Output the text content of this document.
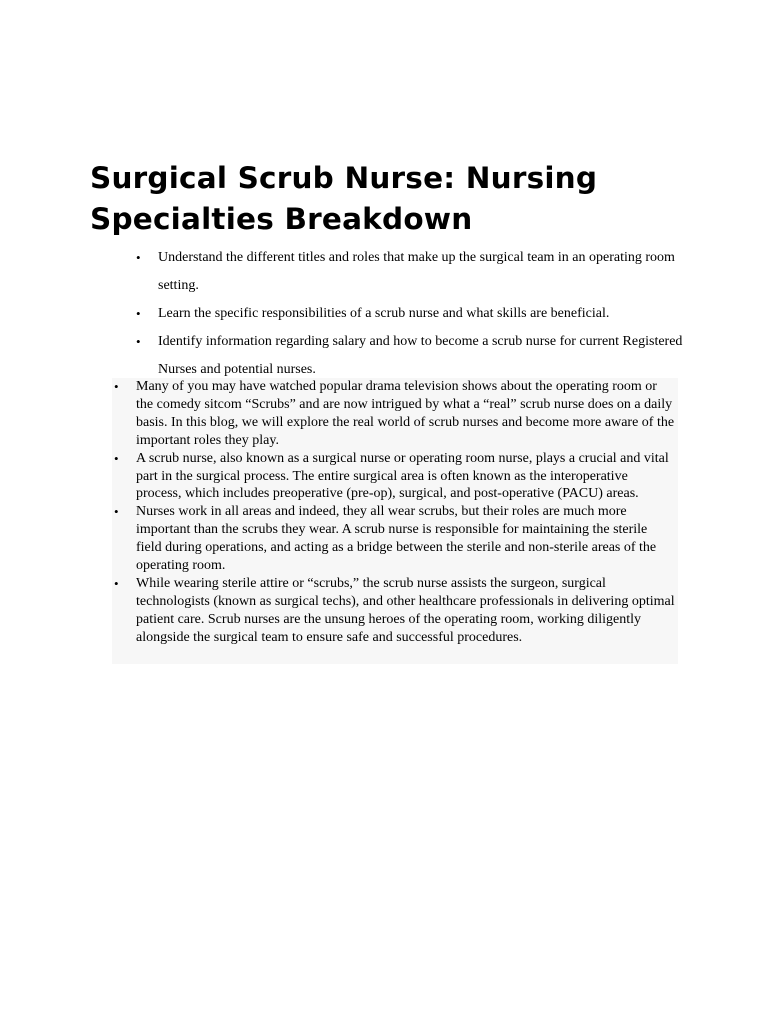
Surgical Scrub Nurse: Nursing Specialties Breakdown
• Understand the different titles and roles that make up the surgical team in an operating room setting.
• Learn the specific responsibilities of a scrub nurse and what skills are beneficial.
• Identify information regarding salary and how to become a scrub nurse for current Registered Nurses and potential nurses.
• Many of you may have watched popular drama television shows about the operating room or the comedy sitcom “Scrubs” and are now intrigued by what a “real” scrub nurse does on a daily basis. In this blog, we will explore the real world of scrub nurses and become more aware of the important roles they play.
• A scrub nurse, also known as a surgical nurse or operating room nurse, plays a crucial and vital part in the surgical process. The entire surgical area is often known as the interoperative process, which includes preoperative (pre-op), surgical, and post-operative (PACU) areas.
• Nurses work in all areas and indeed, they all wear scrubs, but their roles are much more important than the scrubs they wear. A scrub nurse is responsible for maintaining the sterile field during operations, and acting as a bridge between the sterile and non-sterile areas of the operating room.
• While wearing sterile attire or “scrubs,” the scrub nurse assists the surgeon, surgical technologists (known as surgical techs), and other healthcare professionals in delivering optimal patient care. Scrub nurses are the unsung heroes of the operating room, working diligently alongside the surgical team to ensure safe and successful procedures.
